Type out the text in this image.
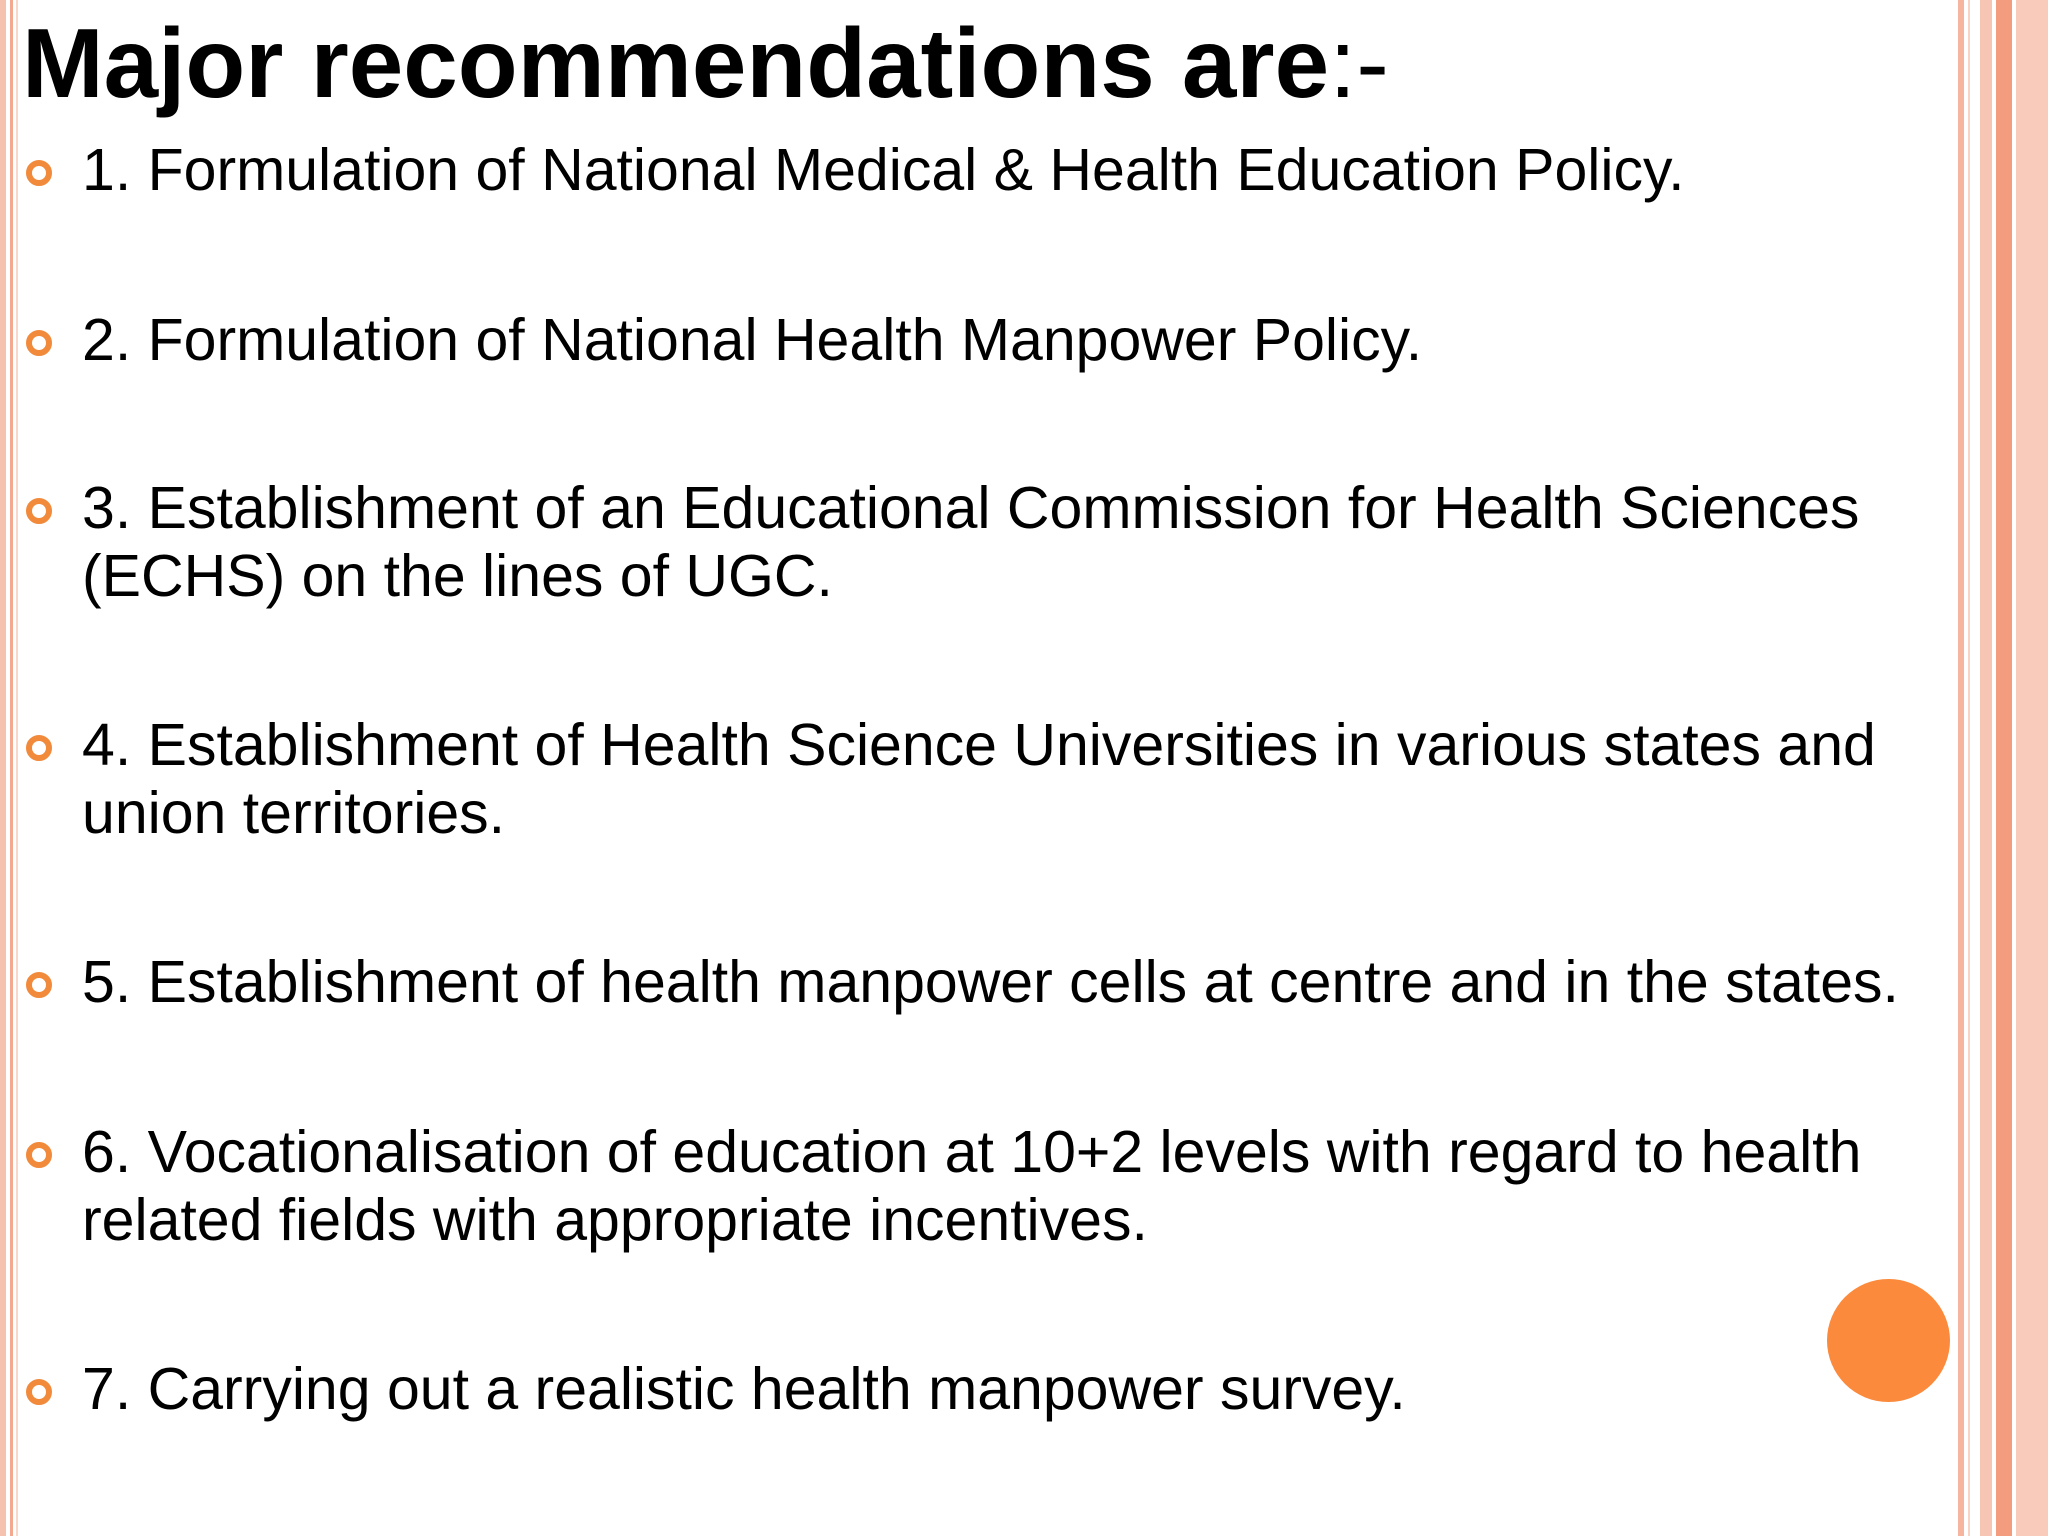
Major recommendations are:-

1. Formulation of National Medical & Health Education Policy.

2. Formulation of National Health Manpower Policy.

3. Establishment of an Educational Commission for Health Sciences (ECHS) on the lines of UGC.

4. Establishment of Health Science Universities in various states and union territories.

5. Establishment of health manpower cells at centre and in the states.

6. Vocationalisation of education at 10+2 levels with regard to health related fields with appropriate incentives.

7. Carrying out a realistic health manpower survey.
